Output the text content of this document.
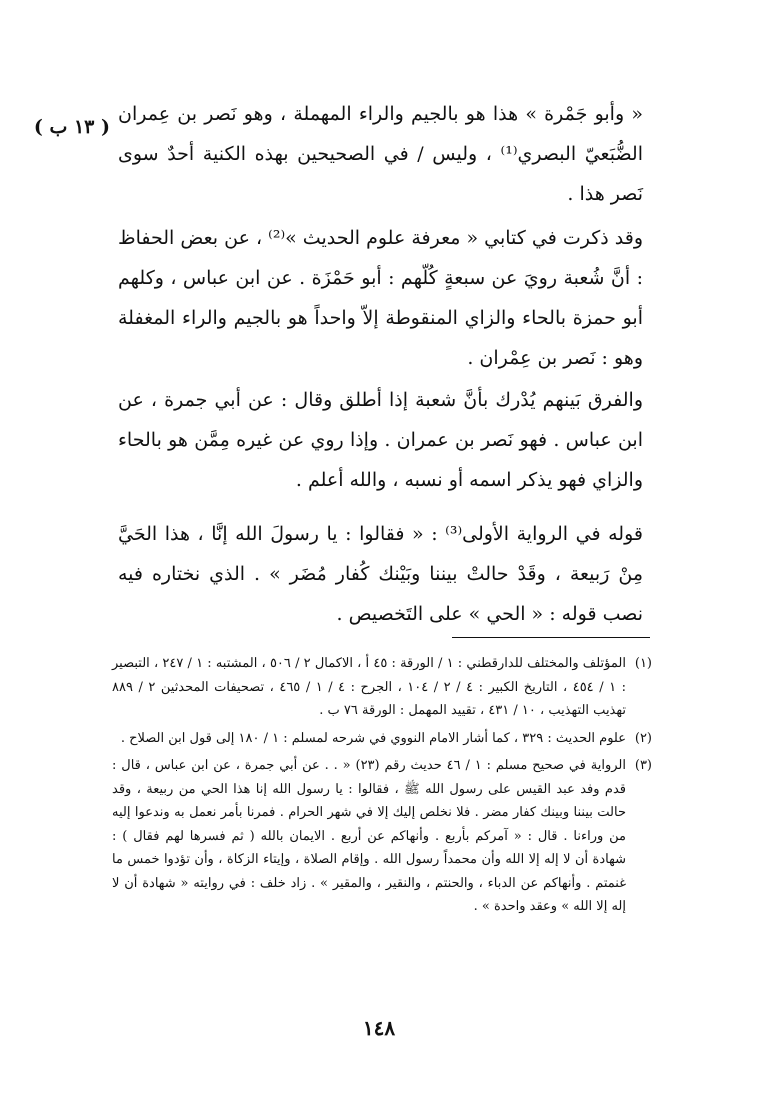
( ١٣ ب )

« وأبو جَمْرة » هذا هو بالجيم والراء المهملة ، وهو نَصر بن عِمران الضُّبَعيّ البصري⁽¹⁾ ، وليس / في الصحيحين بهذه الكنية أحدٌ سوى نَصر هذا .

وقد ذكرت في كتابي « معرفة علوم الحديث »⁽²⁾ ، عن بعض الحفاظ : أنَّ شُعبة رويَ عن سبعةٍ كُلّهم : أبو حَمْزَة . عن ابن عباس ، وكلهم أبو حمزة بالحاء والزاي المنقوطة إلاّ واحداً هو بالجيم والراء المغفلة وهو : نَصر بن عِمْران .

والفرق بَينهم يُدْرك بأنَّ شعبة إذا أطلق وقال : عن أبي جمرة ، عن ابن عباس . فهو نَصر بن عمران . وإذا روي عن غيره مِمَّن هو بالحاء والزاي فهو يذكر اسمه أو نسبه ، والله أعلم .

قوله في الرواية الأولى⁽³⁾ : « فقالوا : يا رسولَ الله إنَّا ، هذا الحَيَّ مِنْ رَبيعة ، وقَدْ حالتْ بيننا وبَيْنك كُفار مُضَر » . الذي نختاره فيه نصب قوله : « الحي » على التَخصيص .

(١)
المؤتلف والمختلف للدارقطني : ١ / الورقة : ٤٥ أ ، الاكمال ٢ / ٥٠٦ ، المشتبه : ١ / ٢٤٧ ، التبصير : ١ / ٤٥٤ ، التاريخ الكبير : ٤ / ٢ / ١٠٤ ، الجرح : ٤ / ١ / ٤٦٥ ، تصحيفات المحدثين ٢ / ٨٨٩ تهذيب التهذيب ، ١٠ / ٤٣١ ، تقييد المهمل : الورقة ٧٦ ب .
(٢)
علوم الحديث : ٣٢٩ ، كما أشار الامام النووي في شرحه لمسلم : ١ / ١٨٠ إلى قول ابن الصلاح .
(٣)
الرواية في صحيح مسلم : ١ / ٤٦ حديث رقم (٢٣) « . . عن أبي جمرة ، عن ابن عباس ، قال : قدم وفد عبد القيس على رسول الله ﷺ ، فقالوا : يا رسول الله إنا هذا الحي من ربيعة ، وقد حالت بيننا وبينك كفار مضر . فلا نخلص إليك إلا في شهر الحرام . فمرنا بأمر نعمل به وندعوا إليه من وراءنا . قال : « آمركم بأربع . وأنهاكم عن أربع . الايمان بالله ( ثم فسرها لهم فقال ) : شهادة أن لا إله إلا الله وأن محمداً رسول الله . وإقام الصلاة ، وإيتاء الزكاة ، وأن تؤدوا خمس ما غنمتم . وأنهاكم عن الدباء ، والحنتم ، والنقير ، والمقير » . زاد خلف : في روايته « شهادة أن لا إله إلا الله » وعقد واحدة » .
١٤٨
